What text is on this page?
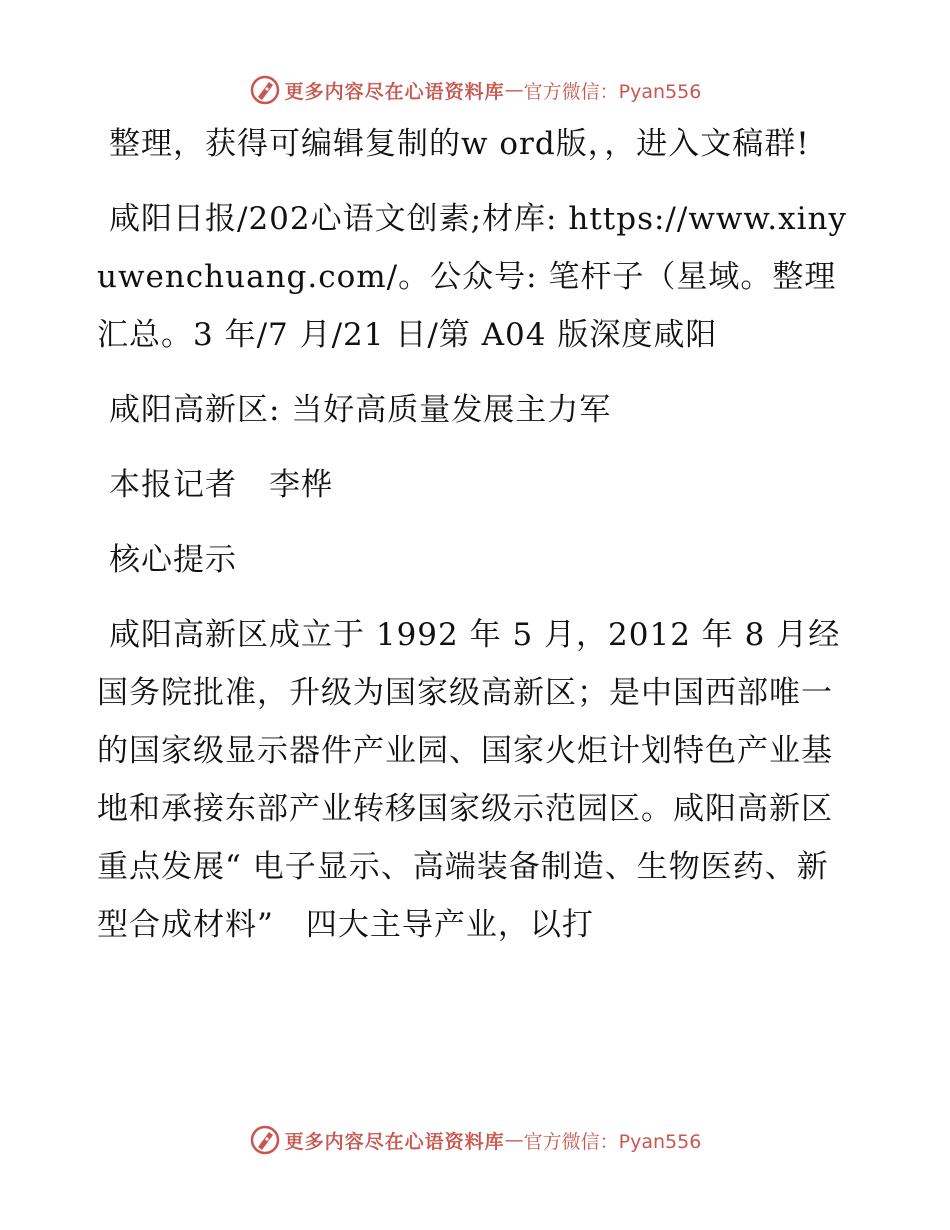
更多内容尽在心语资料库 — 官方微信：Pyan556

整理，获得可编辑复制的w ord版，，进入文稿群!

咸阳日报/202心语文创素;材库: https://www.xinyuwenchuang.com/。公众号: 笔杆子（星域。整理汇总。3 年/7 月/21 日/第 A04 版深度咸阳

咸阳高新区: 当好高质量发展主力军

本报记者　李桦

核心提示

咸阳高新区成立于 1992 年 5 月，2012 年 8 月经国务院批准，升级为国家级高新区；是中国西部唯一的国家级显示器件产业园、国家火炬计划特色产业基地和承接东部产业转移国家级示范园区。咸阳高新区重点发展“ 电子显示、高端装备制造、生物医药、新型合成材料”　四大主导产业，以打

更多内容尽在心语资料库 — 官方微信：Pyan556
